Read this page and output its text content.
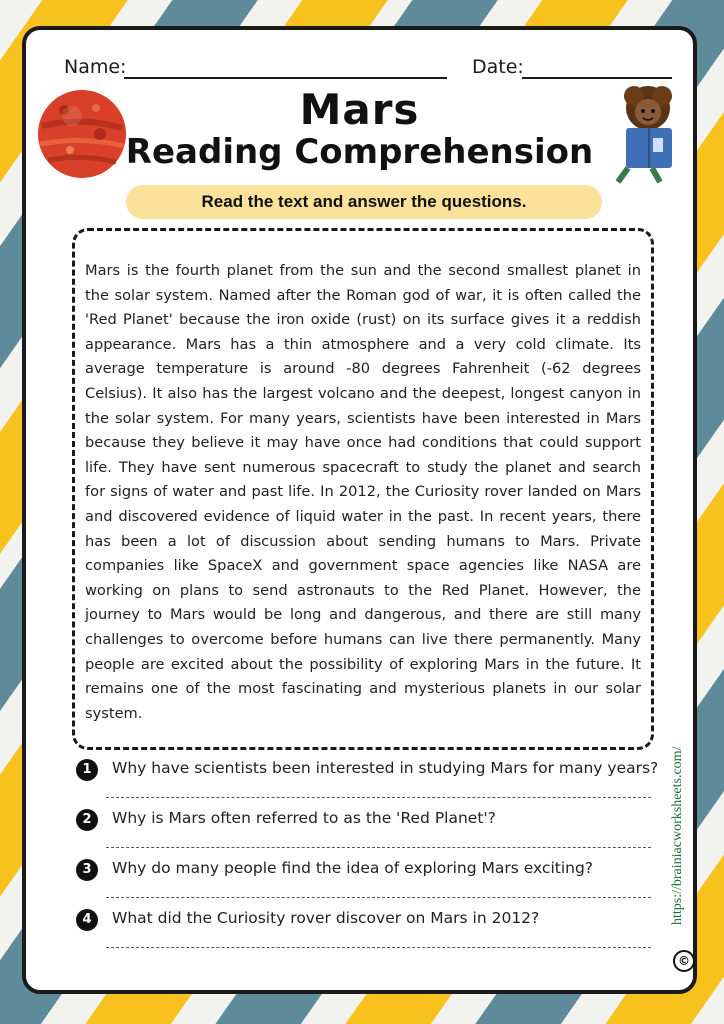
Name:	Date:
Mars
Reading Comprehension
Read the text and answer the questions.

Mars is the fourth planet from the sun and the second smallest planet in the solar system. Named after the Roman god of war, it is often called the 'Red Planet' because the iron oxide (rust) on its surface gives it a reddish appearance. Mars has a thin atmosphere and a very cold climate. Its average temperature is around -80 degrees Fahrenheit (-62 degrees Celsius). It also has the largest volcano and the deepest, longest canyon in the solar system. For many years, scientists have been interested in Mars because they believe it may have once had conditions that could support life. They have sent numerous spacecraft to study the planet and search for signs of water and past life. In 2012, the Curiosity rover landed on Mars and discovered evidence of liquid water in the past. In recent years, there has been a lot of discussion about sending humans to Mars. Private companies like SpaceX and government space agencies like NASA are working on plans to send astronauts to the Red Planet. However, the journey to Mars would be long and dangerous, and there are still many challenges to overcome before humans can live there permanently. Many people are excited about the possibility of exploring Mars in the future. It remains one of the most fascinating and mysterious planets in our solar system.

1	Why have scientists been interested in studying Mars for many years?
2	Why is Mars often referred to as the 'Red Planet'?
3	Why do many people find the idea of exploring Mars exciting?
4	What did the Curiosity rover discover on Mars in 2012?	https://brainiacworksheets.com/
©
